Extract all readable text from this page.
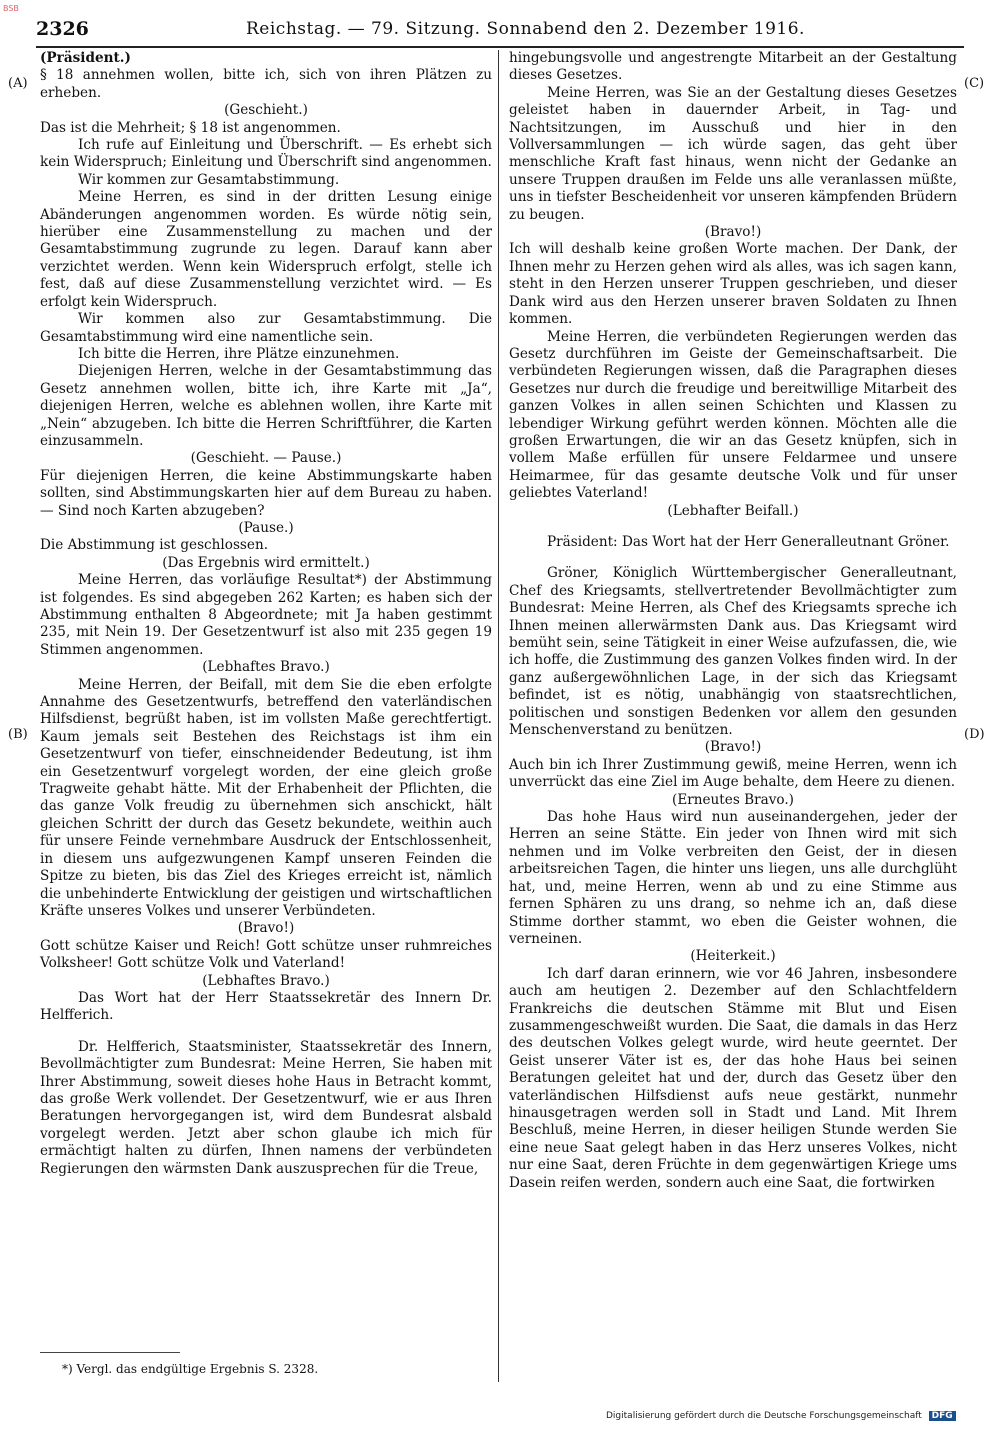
BSB
2326	Reichstag. — 79. Sitzung. Sonnabend den 2. Dezember 1916.
(A)
(B)
(C)
(D)

(Präsident.)

§ 18 annehmen wollen, bitte ich, sich von ihren Plätzen zu erheben.

(Geschieht.)

Das ist die Mehrheit; § 18 ist angenommen.

Ich rufe auf Einleitung und Überschrift. — Es erhebt sich kein Widerspruch; Einleitung und Überschrift sind angenommen.

Wir kommen zur Gesamtabstimmung.

Meine Herren, es sind in der dritten Lesung einige Abänderungen angenommen worden. Es würde nötig sein, hierüber eine Zusammenstellung zu machen und der Gesamtabstimmung zugrunde zu legen. Darauf kann aber verzichtet werden. Wenn kein Widerspruch erfolgt, stelle ich fest, daß auf diese Zusammenstellung verzichtet wird. — Es erfolgt kein Widerspruch.

Wir kommen also zur Gesamtabstimmung. Die Gesamtabstimmung wird eine namentliche sein.

Ich bitte die Herren, ihre Plätze einzunehmen.

Diejenigen Herren, welche in der Gesamtabstimmung das Gesetz annehmen wollen, bitte ich, ihre Karte mit „Ja“, diejenigen Herren, welche es ablehnen wollen, ihre Karte mit „Nein“ abzugeben. Ich bitte die Herren Schriftführer, die Karten einzusammeln.

(Geschieht. — Pause.)

Für diejenigen Herren, die keine Abstimmungskarte haben sollten, sind Abstimmungskarten hier auf dem Bureau zu haben. — Sind noch Karten abzugeben?

(Pause.)

Die Abstimmung ist geschlossen.

(Das Ergebnis wird ermittelt.)

Meine Herren, das vorläufige Resultat*) der Abstimmung ist folgendes. Es sind abgegeben 262 Karten; es haben sich der Abstimmung enthalten 8 Abgeordnete; mit Ja haben gestimmt 235, mit Nein 19. Der Gesetzentwurf ist also mit 235 gegen 19 Stimmen angenommen.

(Lebhaftes Bravo.)

Meine Herren, der Beifall, mit dem Sie die eben erfolgte Annahme des Gesetzentwurfs, betreffend den vaterländischen Hilfsdienst, begrüßt haben, ist im vollsten Maße gerechtfertigt. Kaum jemals seit Bestehen des Reichstags ist ihm ein Gesetzentwurf von tiefer, einschneidender Bedeutung, ist ihm ein Gesetzentwurf vorgelegt worden, der eine gleich große Tragweite gehabt hätte. Mit der Erhabenheit der Pflichten, die das ganze Volk freudig zu übernehmen sich anschickt, hält gleichen Schritt der durch das Gesetz bekundete, weithin auch für unsere Feinde vernehmbare Ausdruck der Entschlossenheit, in diesem uns aufgezwungenen Kampf unseren Feinden die Spitze zu bieten, bis das Ziel des Krieges erreicht ist, nämlich die unbehinderte Entwicklung der geistigen und wirtschaftlichen Kräfte unseres Volkes und unserer Verbündeten.

(Bravo!)

Gott schütze Kaiser und Reich! Gott schütze unser ruhmreiches Volksheer! Gott schütze Volk und Vaterland!

(Lebhaftes Bravo.)

Das Wort hat der Herr Staatssekretär des Innern Dr. Helfferich.

Dr. Helfferich, Staatsminister, Staatssekretär des Innern, Bevollmächtigter zum Bundesrat: Meine Herren, Sie haben mit Ihrer Abstimmung, soweit dieses hohe Haus in Betracht kommt, das große Werk vollendet. Der Gesetzentwurf, wie er aus Ihren Beratungen hervorgegangen ist, wird dem Bundesrat alsbald vorgelegt werden. Jetzt aber schon glaube ich mich für ermächtigt halten zu dürfen, Ihnen namens der verbündeten Regierungen den wärmsten Dank auszusprechen für die Treue,

hingebungsvolle und angestrengte Mitarbeit an der Gestaltung dieses Gesetzes.

Meine Herren, was Sie an der Gestaltung dieses Gesetzes geleistet haben in dauernder Arbeit, in Tag- und Nachtsitzungen, im Ausschuß und hier in den Vollversammlungen — ich würde sagen, das geht über menschliche Kraft fast hinaus, wenn nicht der Gedanke an unsere Truppen draußen im Felde uns alle veranlassen müßte, uns in tiefster Bescheidenheit vor unseren kämpfenden Brüdern zu beugen.

(Bravo!)

Ich will deshalb keine großen Worte machen. Der Dank, der Ihnen mehr zu Herzen gehen wird als alles, was ich sagen kann, steht in den Herzen unserer Truppen geschrieben, und dieser Dank wird aus den Herzen unserer braven Soldaten zu Ihnen kommen.

Meine Herren, die verbündeten Regierungen werden das Gesetz durchführen im Geiste der Gemeinschaftsarbeit. Die verbündeten Regierungen wissen, daß die Paragraphen dieses Gesetzes nur durch die freudige und bereitwillige Mitarbeit des ganzen Volkes in allen seinen Schichten und Klassen zu lebendiger Wirkung geführt werden können. Möchten alle die großen Erwartungen, die wir an das Gesetz knüpfen, sich in vollem Maße erfüllen für unsere Feldarmee und unsere Heimarmee, für das gesamte deutsche Volk und für unser geliebtes Vaterland!

(Lebhafter Beifall.)

Präsident: Das Wort hat der Herr Generalleutnant Gröner.

Gröner, Königlich Württembergischer Generalleutnant, Chef des Kriegsamts, stellvertretender Bevollmächtigter zum Bundesrat: Meine Herren, als Chef des Kriegsamts spreche ich Ihnen meinen allerwärmsten Dank aus. Das Kriegsamt wird bemüht sein, seine Tätigkeit in einer Weise aufzufassen, die, wie ich hoffe, die Zustimmung des ganzen Volkes finden wird. In der ganz außergewöhnlichen Lage, in der sich das Kriegsamt befindet, ist es nötig, unabhängig von staatsrechtlichen, politischen und sonstigen Bedenken vor allem den gesunden Menschenverstand zu benützen.

(Bravo!)

Auch bin ich Ihrer Zustimmung gewiß, meine Herren, wenn ich unverrückt das eine Ziel im Auge behalte, dem Heere zu dienen.

(Erneutes Bravo.)

Das hohe Haus wird nun auseinandergehen, jeder der Herren an seine Stätte. Ein jeder von Ihnen wird mit sich nehmen und im Volke verbreiten den Geist, der in diesen arbeitsreichen Tagen, die hinter uns liegen, uns alle durchglüht hat, und, meine Herren, wenn ab und zu eine Stimme aus fernen Sphären zu uns drang, so nehme ich an, daß diese Stimme dorther stammt, wo eben die Geister wohnen, die verneinen.

(Heiterkeit.)

Ich darf daran erinnern, wie vor 46 Jahren, insbesondere auch am heutigen 2. Dezember auf den Schlachtfeldern Frankreichs die deutschen Stämme mit Blut und Eisen zusammengeschweißt wurden. Die Saat, die damals in das Herz des deutschen Volkes gelegt wurde, wird heute geerntet. Der Geist unserer Väter ist es, der das hohe Haus bei seinen Beratungen geleitet hat und der, durch das Gesetz über den vaterländischen Hilfsdienst aufs neue gestärkt, nunmehr hinausgetragen werden soll in Stadt und Land. Mit Ihrem Beschluß, meine Herren, in dieser heiligen Stunde werden Sie eine neue Saat gelegt haben in das Herz unseres Volkes, nicht nur eine Saat, deren Früchte in dem gegenwärtigen Kriege ums Dasein reifen werden, sondern auch eine Saat, die fortwirken

*) Vergl. das endgültige Ergebnis S. 2328.
Digitalisierung gefördert durch die Deutsche Forschungsgemeinschaft DFG
